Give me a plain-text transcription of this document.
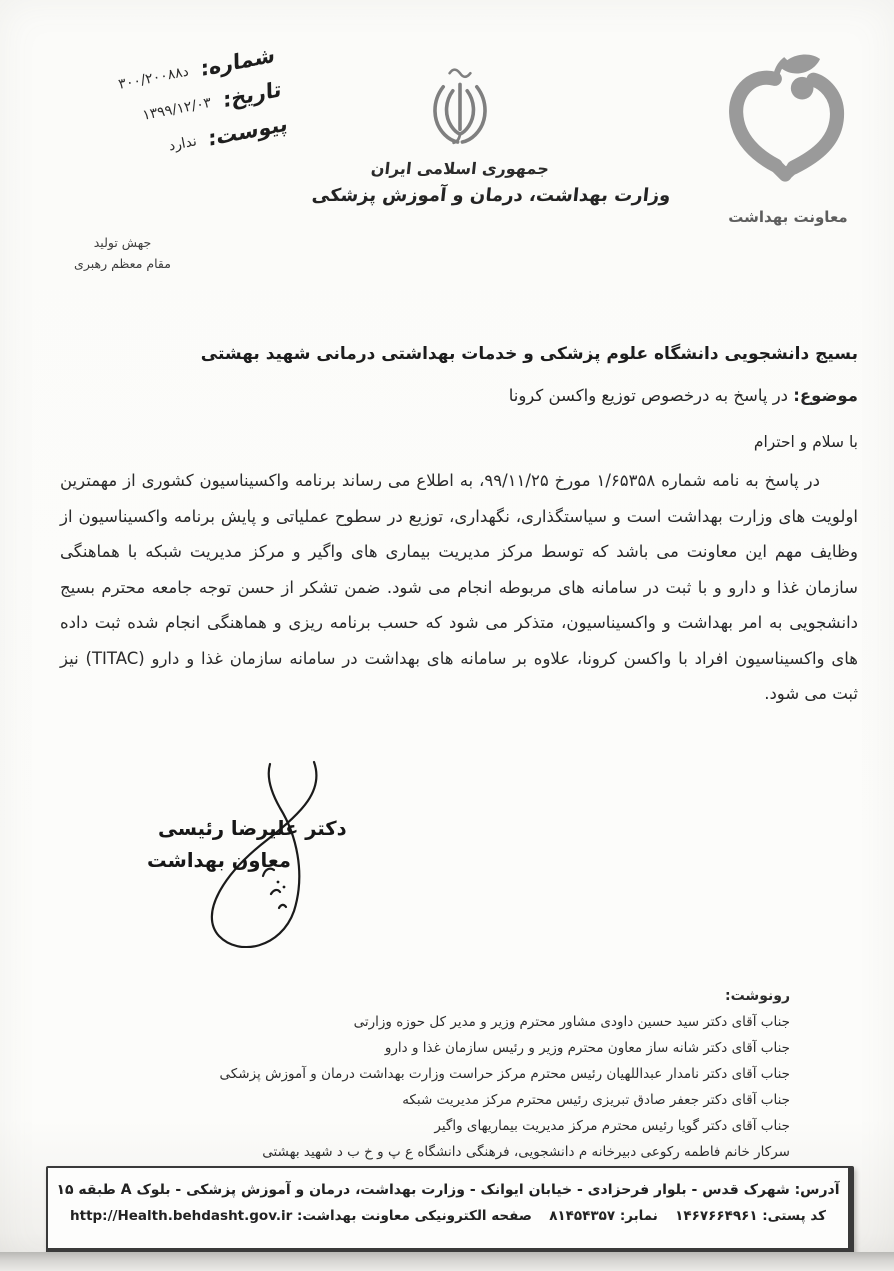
شماره:
د۳۰۰/۲۰۰۸۸
تاریخ:
۱۳۹۹/۱۲/۰۳
پیوست:
ندارد
جهش تولید
مقام معظم رهبری
جمهوری اسلامی ایران
وزارت بهداشت، درمان و آموزش پزشکی
معاونت بهداشت
بسیج دانشجویی دانشگاه علوم پزشکی و خدمات بهداشتی درمانی شهید بهشتی
موضوع: در پاسخ به درخصوص توزیع واکسن کرونا
با سلام و احترام
در پاسخ به نامه شماره ۱/۶۵۳۵۸ مورخ ۹۹/۱۱/۲۵، به اطلاع می رساند برنامه واکسیناسیون کشوری از مهمترین اولویت های وزارت بهداشت است و سیاستگذاری، نگهداری، توزیع در سطوح عملیاتی و پایش برنامه واکسیناسیون از وظایف مهم این معاونت می باشد که توسط مرکز مدیریت بیماری های واگیر و مرکز مدیریت شبکه با هماهنگی سازمان غذا و دارو و با ثبت در سامانه های مربوطه انجام می شود. ضمن تشکر از حسن توجه جامعه محترم بسیج دانشجویی به امر بهداشت و واکسیناسیون، متذکر می شود که حسب برنامه ریزی و هماهنگی انجام شده ثبت داده های واکسیناسیون افراد با واکسن کرونا، علاوه بر سامانه های بهداشت در سامانه سازمان غذا و دارو (TITAC) نیز ثبت می شود.
دکتر علیرضا رئیسی
معاون بهداشت
رونوشت:
جناب آقای دکتر سید حسین داودی مشاور محترم وزیر و مدیر کل حوزه وزارتی
جناب آقای دکتر شانه ساز معاون محترم وزیر و رئیس سازمان غذا و دارو
جناب آقای دکتر نامدار عبداللهیان رئیس محترم مرکز حراست وزارت بهداشت درمان و آموزش پزشکی
جناب آقای دکتر جعفر صادق تبریزی رئیس محترم مرکز مدیریت شبکه
جناب آقای دکتر گویا رئیس محترم مرکز مدیریت بیماریهای واگیر
سرکار خانم فاطمه رکوعی دبیرخانه م دانشجویی، فرهنگی دانشگاه ع پ و خ ب د شهید بهشتی
آدرس: شهرک قدس - بلوار فرحزادی - خیابان ایوانک - وزارت بهداشت، درمان و آموزش پزشکی - بلوک A طبقه ۱۵
کد پستی: ۱۴۶۷۶۶۴۹۶۱
نمابر: ۸۱۴۵۴۳۵۷
صفحه الکترونیکی معاونت بهداشت: http://Health.behdasht.gov.ir
